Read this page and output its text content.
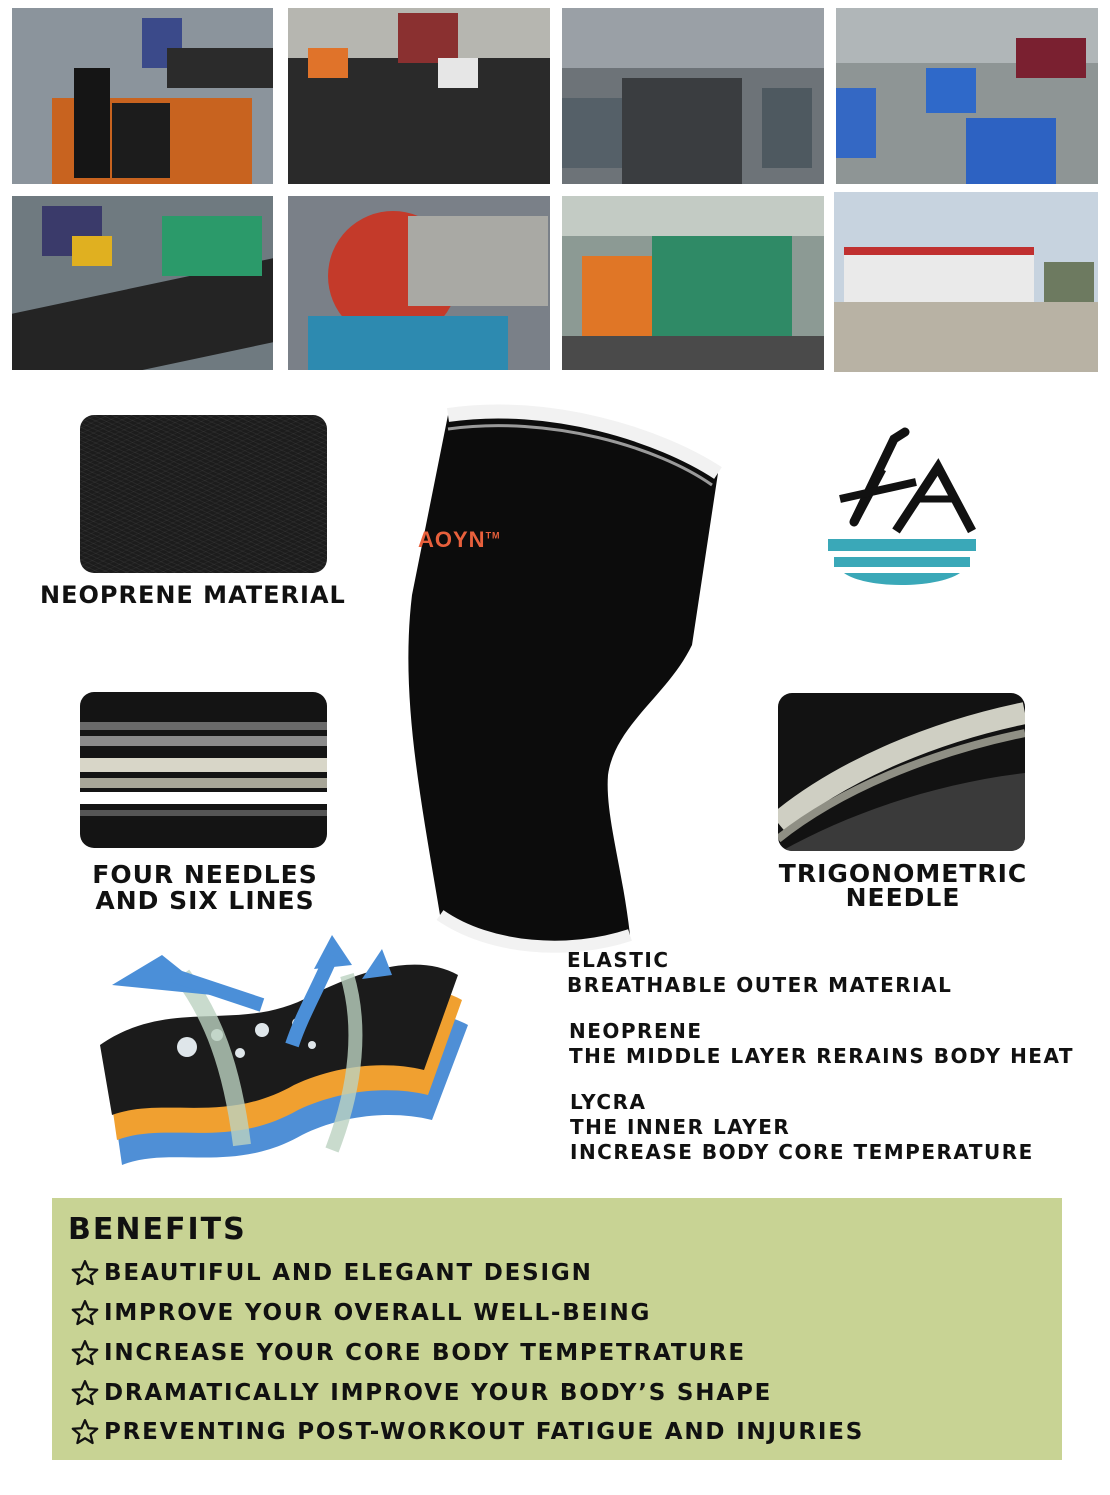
NEOPRENE MATERIAL
FOUR NEEDLES
AND SIX LINES
TRIGONOMETRIC
NEEDLE
AOYN™
ELASTIC
BREATHABLE OUTER MATERIAL
NEOPRENE
THE MIDDLE LAYER RERAINS BODY HEAT
LYCRA
THE INNER LAYER
INCREASE BODY CORE TEMPERATURE
BENEFITS
BEAUTIFUL AND ELEGANT DESIGN
IMPROVE YOUR OVERALL WELL-BEING
INCREASE YOUR CORE BODY TEMPETRATURE
DRAMATICALLY IMPROVE YOUR BODY’S SHAPE
PREVENTING POST-WORKOUT FATIGUE AND INJURIES
